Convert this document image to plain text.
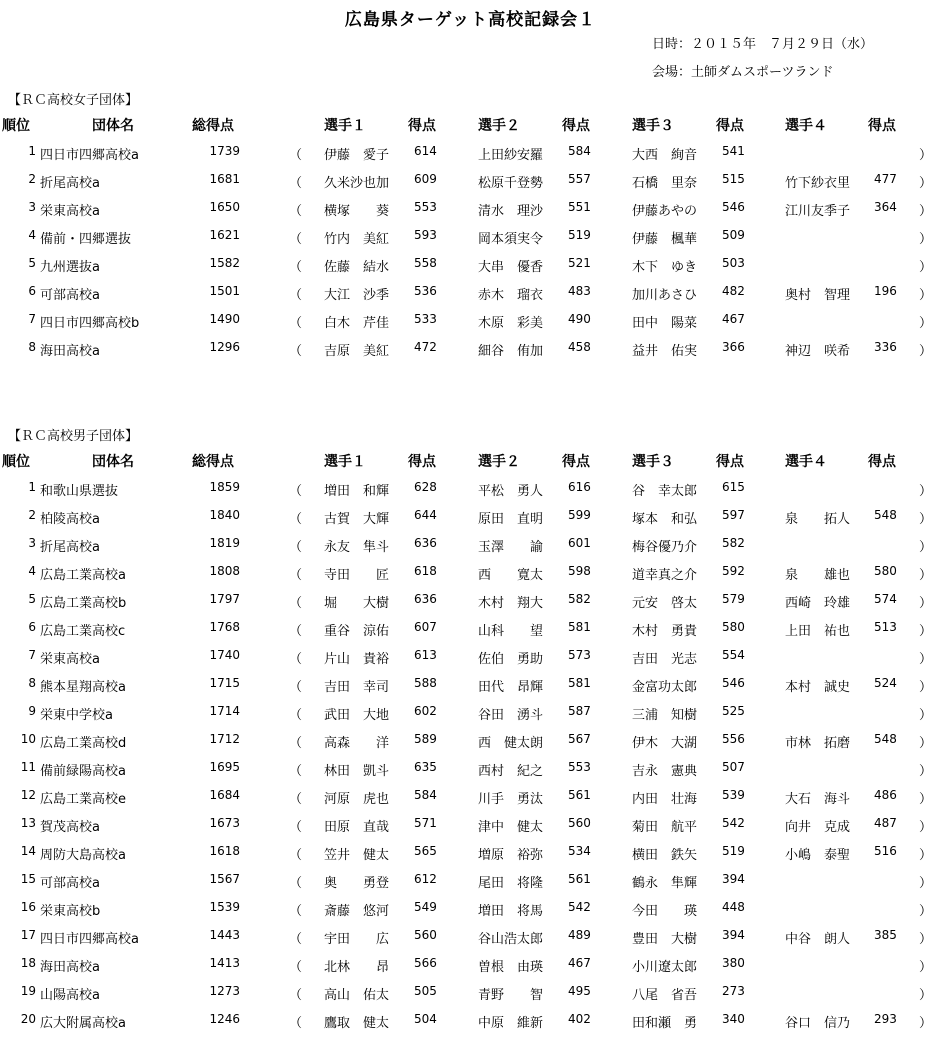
広島県ターゲット高校記録会１
日時：２０１５年　７月２９日（水）
会場：土師ダムスポーツランド
【ＲＣ高校女子団体】
順位	団体名	総得点	選手１	得点	選手２	得点	選手３	得点	選手４	得点
1 四日市四郷高校a	1739	（ 伊藤　愛子 614	上田紗安羅 584	大西　絢音 541	）
2 折尾高校a	1681	（ 久米沙也加 609	松原千登勢 557	石橋　里奈 515	竹下紗衣里 477 ）
3 栄東高校a	1650	（ 横塚　　葵 553	清水　理沙 551	伊藤あやの 546	江川友季子 364 ）
4 備前・四郷選抜	1621	（ 竹内　美紅 593	岡本須実令 519	伊藤　楓華 509	）
5 九州選抜a	1582	（ 佐藤　結水 558	大串　優香 521	木下　ゆき 503	）
6 可部高校a	1501	（ 大江　沙季 536	赤木　瑠衣 483	加川あさひ 482	奥村　智理 196 ）
7 四日市四郷高校b	1490	（ 白木　芹佳 533	木原　彩美 490	田中　陽菜 467	）
8 海田高校a	1296	（ 吉原　美紅 472	細谷　侑加 458	益井　佑実 366	神辺　咲希 336 ）
【ＲＣ高校男子団体】
順位	団体名	総得点	選手１	得点	選手２	得点	選手３	得点	選手４	得点
1 和歌山県選抜	1859	（ 増田　和輝 628	平松　勇人 616	谷　幸太郎 615	）
2 柏陵高校a	1840	（ 古賀　大輝 644	原田　直明 599	塚本　和弘 597	泉　　拓人 548 ）
3 折尾高校a	1819	（ 永友　隼斗 636	玉澤　　諭 601	梅谷優乃介 582	）
4 広島工業高校a	1808	（ 寺田　　匠 618	西　　寛太 598	道幸真之介 592	泉　　雄也 580 ）
5 広島工業高校b	1797	（ 堀　　大樹 636	木村　翔大 582	元安　啓太 579	西崎　玲雄 574 ）
6 広島工業高校c	1768	（ 重谷　涼佑 607	山科　　望 581	木村　勇貴 580	上田　祐也 513 ）
7 栄東高校a	1740	（ 片山　貴裕 613	佐伯　勇助 573	吉田　光志 554	）
8 熊本星翔高校a	1715	（ 吉田　幸司 588	田代　昂輝 581	金富功太郎 546	本村　誠史 524 ）
9 栄東中学校a	1714	（ 武田　大地 602	谷田　湧斗 587	三浦　知樹 525	）
10 広島工業高校d	1712	（ 高森　　洋 589	西　健太朗 567	伊木　大湖 556	市林　拓磨 548 ）
11 備前緑陽高校a	1695	（ 林田　凱斗 635	西村　紀之 553	吉永　憲典 507	）
12 広島工業高校e	1684	（ 河原　虎也 584	川手　勇汰 561	内田　壮海 539	大石　海斗 486 ）
13 賀茂高校a	1673	（ 田原　直哉 571	津中　健太 560	菊田　航平 542	向井　克成 487 ）
14 周防大島高校a	1618	（ 笠井　健太 565	増原　裕弥 534	横田　鉄矢 519	小嶋　泰聖 516 ）
15 可部高校a	1567	（ 奥　　勇登 612	尾田　将隆 561	鶴永　隼輝 394	）
16 栄東高校b	1539	（ 斎藤　悠河 549	増田　将馬 542	今田　　瑛 448	）
17 四日市四郷高校a	1443	（ 宇田　　広 560	谷山浩太郎 489	豊田　大樹 394	中谷　朗人 385 ）
18 海田高校a	1413	（ 北林　　昂 566	曽根　由瑛 467	小川遼太郎 380	）
19 山陽高校a	1273	（ 高山　佑太 505	青野　　智 495	八尾　省吾 273	）
20 広大附属高校a	1246	（ 鷹取　健太 504	中原　維新 402	田和瀬　勇 340	谷口　信乃 293 ）
